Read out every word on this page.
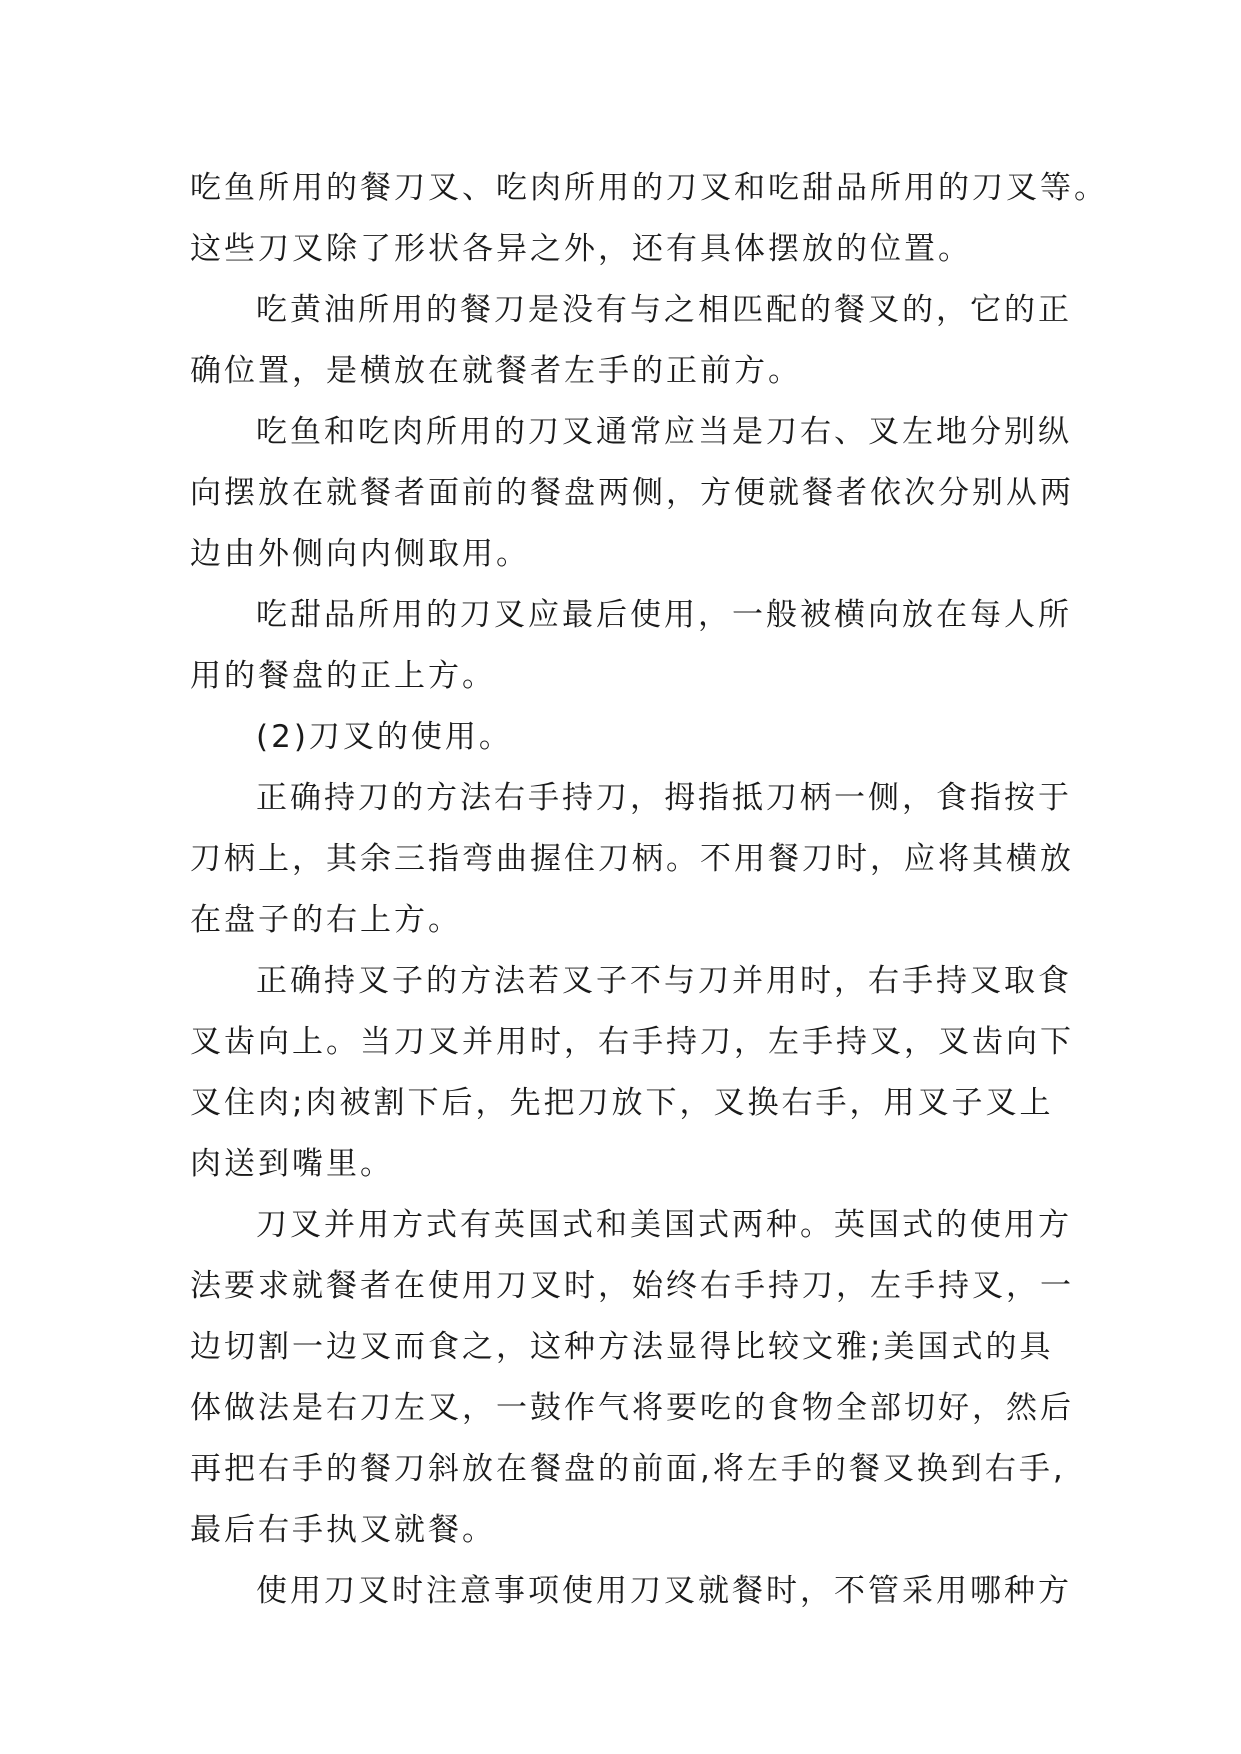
吃鱼所用的餐刀叉、吃肉所用的刀叉和吃甜品所用的刀叉等。
这些刀叉除了形状各异之外，还有具体摆放的位置。
吃黄油所用的餐刀是没有与之相匹配的餐叉的，它的正
确位置，是横放在就餐者左手的正前方。
吃鱼和吃肉所用的刀叉通常应当是刀右、叉左地分别纵
向摆放在就餐者面前的餐盘两侧，方便就餐者依次分别从两
边由外侧向内侧取用。
吃甜品所用的刀叉应最后使用，一般被横向放在每人所
用的餐盘的正上方。
(2)刀叉的使用。
正确持刀的方法右手持刀，拇指抵刀柄一侧，食指按于
刀柄上，其余三指弯曲握住刀柄。不用餐刀时，应将其横放
在盘子的右上方。
正确持叉子的方法若叉子不与刀并用时，右手持叉取食
叉齿向上。当刀叉并用时，右手持刀，左手持叉，叉齿向下
叉住肉;肉被割下后，先把刀放下，叉换右手，用叉子叉上
肉送到嘴里。
刀叉并用方式有英国式和美国式两种。英国式的使用方
法要求就餐者在使用刀叉时，始终右手持刀，左手持叉，一
边切割一边叉而食之，这种方法显得比较文雅;美国式的具
体做法是右刀左叉，一鼓作气将要吃的食物全部切好，然后
再把右手的餐刀斜放在餐盘的前面,将左手的餐叉换到右手,
最后右手执叉就餐。
使用刀叉时注意事项使用刀叉就餐时，不管采用哪种方
